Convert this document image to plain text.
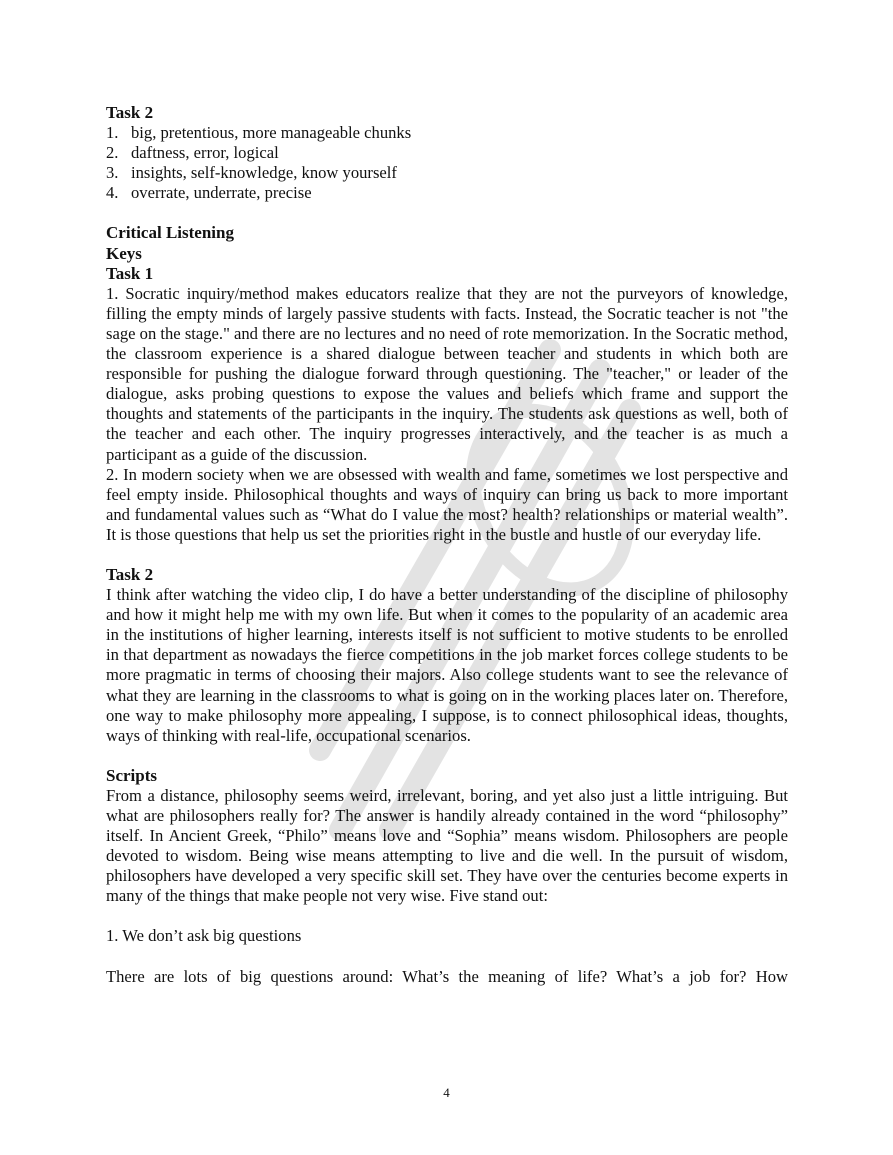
Task 2

1. big, pretentious, more manageable chunks
2. daftness, error, logical
3. insights, self-knowledge, know yourself
4. overrate, underrate, precise

Critical Listening

Keys

Task 1

1. Socratic inquiry/method makes educators realize that they are not the purveyors of knowledge, filling the empty minds of largely passive students with facts. Instead, the Socratic teacher is not "the sage on the stage." and there are no lectures and no need of rote memorization. In the Socratic method, the classroom experience is a shared dialogue between teacher and students in which both are responsible for pushing the dialogue forward through questioning. The "teacher," or leader of the dialogue, asks probing questions to expose the values and beliefs which frame and support the thoughts and statements of the participants in the inquiry. The students ask questions as well, both of the teacher and each other. The inquiry progresses interactively, and the teacher is as much a participant as a guide of the discussion.

2. In modern society when we are obsessed with wealth and fame, sometimes we lost perspective and feel empty inside. Philosophical thoughts and ways of inquiry can bring us back to more important and fundamental values such as “What do I value the most? health? relationships or material wealth”. It is those questions that help us set the priorities right in the bustle and hustle of our everyday life.

Task 2

I think after watching the video clip, I do have a better understanding of the discipline of philosophy and how it might help me with my own life. But when it comes to the popularity of an academic area in the institutions of higher learning, interests itself is not sufficient to motive students to be enrolled in that department as nowadays the fierce competitions in the job market forces college students to be more pragmatic in terms of choosing their majors. Also college students want to see the relevance of what they are learning in the classrooms to what is going on in the working places later on. Therefore, one way to make philosophy more appealing, I suppose, is to connect philosophical ideas, thoughts, ways of thinking with real-life, occupational scenarios.

Scripts

From a distance, philosophy seems weird, irrelevant, boring, and yet also just a little intriguing. But what are philosophers really for? The answer is handily already contained in the word “philosophy” itself. In Ancient Greek, “Philo” means love and “Sophia” means wisdom. Philosophers are people devoted to wisdom. Being wise means attempting to live and die well. In the pursuit of wisdom, philosophers have developed a very specific skill set. They have over the centuries become experts in many of the things that make people not very wise. Five stand out:

1. We don’t ask big questions

There are lots of big questions around: What’s the meaning of life? What’s a job for? How

4
